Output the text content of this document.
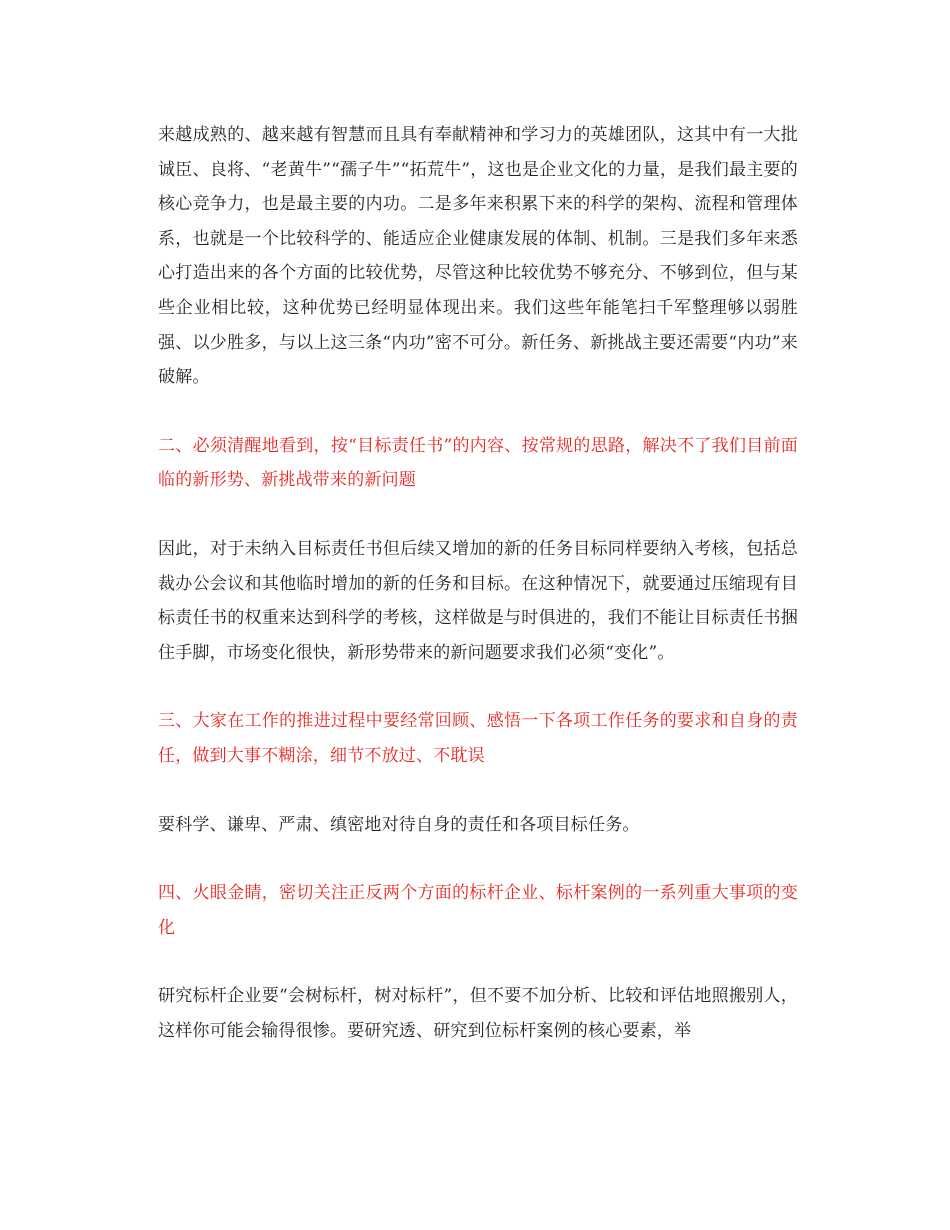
来越成熟的、越来越有智慧而且具有奉献精神和学习力的英雄团队，这其中有一大批诚臣、良将、“老黄牛”“孺子牛”“拓荒牛”，这也是企业文化的力量，是我们最主要的核心竞争力，也是最主要的内功。二是多年来积累下来的科学的架构、流程和管理体系，也就是一个比较科学的、能适应企业健康发展的体制、机制。三是我们多年来悉心打造出来的各个方面的比较优势，尽管这种比较优势不够充分、不够到位，但与某些企业相比较，这种优势已经明显体现出来。我们这些年能笔扫千军整理够以弱胜强、以少胜多，与以上这三条“内功”密不可分。新任务、新挑战主要还需要“内功”来破解。

二、必须清醒地看到，按“目标责任书”的内容、按常规的思路，解决不了我们目前面临的新形势、新挑战带来的新问题

因此，对于未纳入目标责任书但后续又增加的新的任务目标同样要纳入考核，包括总裁办公会议和其他临时增加的新的任务和目标。在这种情况下，就要通过压缩现有目标责任书的权重来达到科学的考核，这样做是与时俱进的，我们不能让目标责任书捆住手脚，市场变化很快，新形势带来的新问题要求我们必须“变化”。

三、大家在工作的推进过程中要经常回顾、感悟一下各项工作任务的要求和自身的责任，做到大事不糊涂，细节不放过、不耽误

要科学、谦卑、严肃、缜密地对待自身的责任和各项目标任务。

四、火眼金睛，密切关注正反两个方面的标杆企业、标杆案例的一系列重大事项的变化

研究标杆企业要“会树标杆，树对标杆”，但不要不加分析、比较和评估地照搬别人，这样你可能会输得很惨。要研究透、研究到位标杆案例的核心要素，举
